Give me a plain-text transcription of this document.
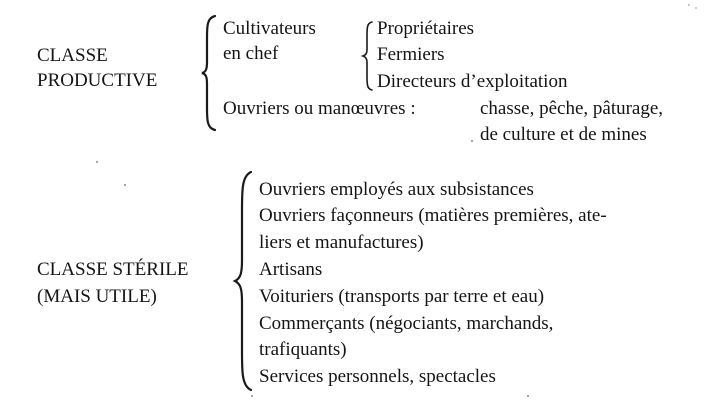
CLASSE
PRODUCTIVE
Cultivateurs
en chef
Propriétaires
Fermiers
Directeurs d’exploitation
Ouvriers ou manœuvres :	chasse, pêche, pâturage,
de culture et de mines
CLASSE STÉRILE
(MAIS UTILE)
Ouvriers employés aux subsistances
Ouvriers façonneurs (matières premières, ate-
liers et manufactures)
Artisans
Voituriers (transports par terre et eau)
Commerçants (négociants, marchands,
trafiquants)
Services personnels, spectacles
